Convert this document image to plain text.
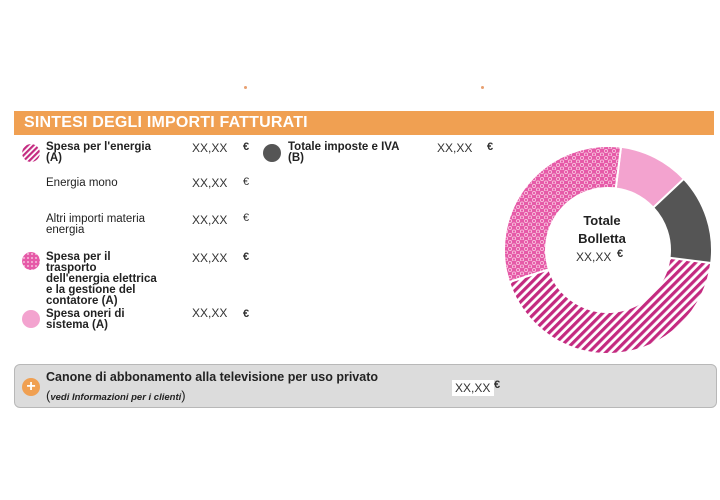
SINTESI DEGLI IMPORTI FATTURATI
Spesa per l'energia
(A)
XX,XX €
Energia mono	XX,XX €
Altri importi materia
energia
XX,XX €
Spesa per il
trasporto
dell'energia elettrica
e la gestione del
contatore (A)
XX,XX €
Spesa oneri di
sistema (A)
XX,XX €
Totale imposte e IVA
(B)
XX,XX €
Totale
Bolletta
XX,XX €
+
Canone di abbonamento alla televisione per uso privato
(vedi Informazioni per i clienti)	XX,XX €
